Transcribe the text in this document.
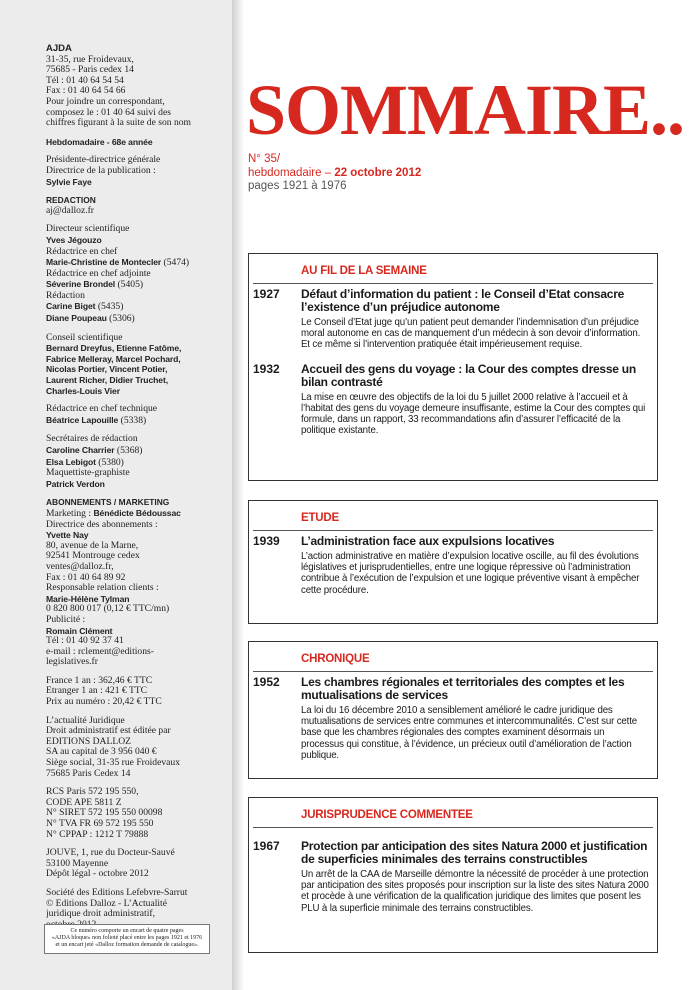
AJDA
31-35, rue Froidevaux,
75685 - Paris cedex 14
Tél : 01 40 64 54 54
Fax : 01 40 64 54 66
Pour joindre un correspondant,
composez le : 01 40 64 suivi des
chiffres figurant à la suite de son nom
Hebdomadaire - 68e année
Présidente-directrice générale
Directrice de la publication :
Sylvie Faye
REDACTION
aj@dalloz.fr
Directeur scientifique
Yves Jégouzo
Rédactrice en chef
Marie-Christine de Montecler (5474)
Rédactrice en chef adjointe
Séverine Brondel (5405)
Rédaction
Carine Biget (5435)
Diane Poupeau (5306)
Conseil scientifique
Bernard Dreyfus, Etienne Fatôme,
Fabrice Melleray, Marcel Pochard,
Nicolas Portier, Vincent Potier,
Laurent Richer, Didier Truchet,
Charles-Louis Vier
Rédactrice en chef technique
Béatrice Lapouille (5338)
Secrétaires de rédaction
Caroline Charrier (5368)
Elsa Lebigot (5380)
Maquettiste-graphiste
Patrick Verdon
ABONNEMENTS / MARKETING
Marketing : Bénédicte Bédoussac
Directrice des abonnements :
Yvette Nay
80, avenue de la Marne,
92541 Montrouge cedex
ventes@dalloz.fr,
Fax : 01 40 64 89 92
Responsable relation clients :
Marie-Hélène Tylman
0 820 800 017 (0,12 € TTC/mn)
Publicité :
Romain Clément
Tél : 01 40 92 37 41
e-mail : rclement@editions-
legislatives.fr
France 1 an : 362,46 € TTC
Etranger 1 an : 421 € TTC
Prix au numéro : 20,42 € TTC
L’actualité Juridique
Droit administratif est éditée par
EDITIONS DALLOZ
SA au capital de 3 956 040 €
Siège social, 31-35 rue Froidevaux
75685 Paris Cedex 14
RCS Paris 572 195 550,
CODE APE 5811 Z
N° SIRET 572 195 550 00098
N° TVA FR 69 572 195 550
N° CPPAP : 1212 T 79888
JOUVE, 1, rue du Docteur-Sauvé
53100 Mayenne
Dépôt légal - octobre 2012
Société des Editions Lefebvre-Sarrut
© Editions Dalloz - L’Actualité
juridique droit administratif,
Ce numéro comporte un encart de quatre pages
«AJDA bloque» non folioté placé entre les pages 1921 et 1976
et un encart jeté «Dalloz formation demande de catalogue».
SOMMAIRE..
N° 35/
hebdomadaire – 22 octobre 2012
pages 1921 à 1976
AU FIL DE LA SEMAINE
1927	Défaut d’information du patient : le Conseil d’Etat consacre l’existence d’un préjudice autonome
Le Conseil d’Etat juge qu’un patient peut demander l’indemnisation d’un préjudice moral autonome en cas de manquement d’un médecin à son devoir d’information. Et ce même si l’intervention pratiquée était impérieusement requise.
1932	Accueil des gens du voyage : la Cour des comptes dresse un bilan contrasté
La mise en œuvre des objectifs de la loi du 5 juillet 2000 relative à l’accueil et à l’habitat des gens du voyage demeure insuffisante, estime la Cour des comptes qui formule, dans un rapport, 33 recommandations afin d’assurer l’efficacité de la politique existante.
ETUDE
1939	L’administration face aux expulsions locatives
L’action administrative en matière d’expulsion locative oscille, au fil des évolutions législatives et jurisprudentielles, entre une logique répressive où l’administration contribue à l’exécution de l’expulsion et une logique préventive visant à empêcher cette procédure.
CHRONIQUE
1952	Les chambres régionales et territoriales des comptes et les mutualisations de services
La loi du 16 décembre 2010 a sensiblement amélioré le cadre juridique des mutualisations de services entre communes et intercommunalités. C’est sur cette base que les chambres régionales des comptes examinent désormais un processus qui constitue, à l’évidence, un précieux outil d’amélioration de l’action publique.
JURISPRUDENCE COMMENTEE
1967	Protection par anticipation des sites Natura 2000 et justification de superficies minimales des terrains constructibles
Un arrêt de la CAA de Marseille démontre la nécessité de procéder à une protection par anticipation des sites proposés pour inscription sur la liste des sites Natura 2000 et procède à une vérification de la qualification juridique des limites que posent les PLU à la superficie minimale des terrains constructibles.
